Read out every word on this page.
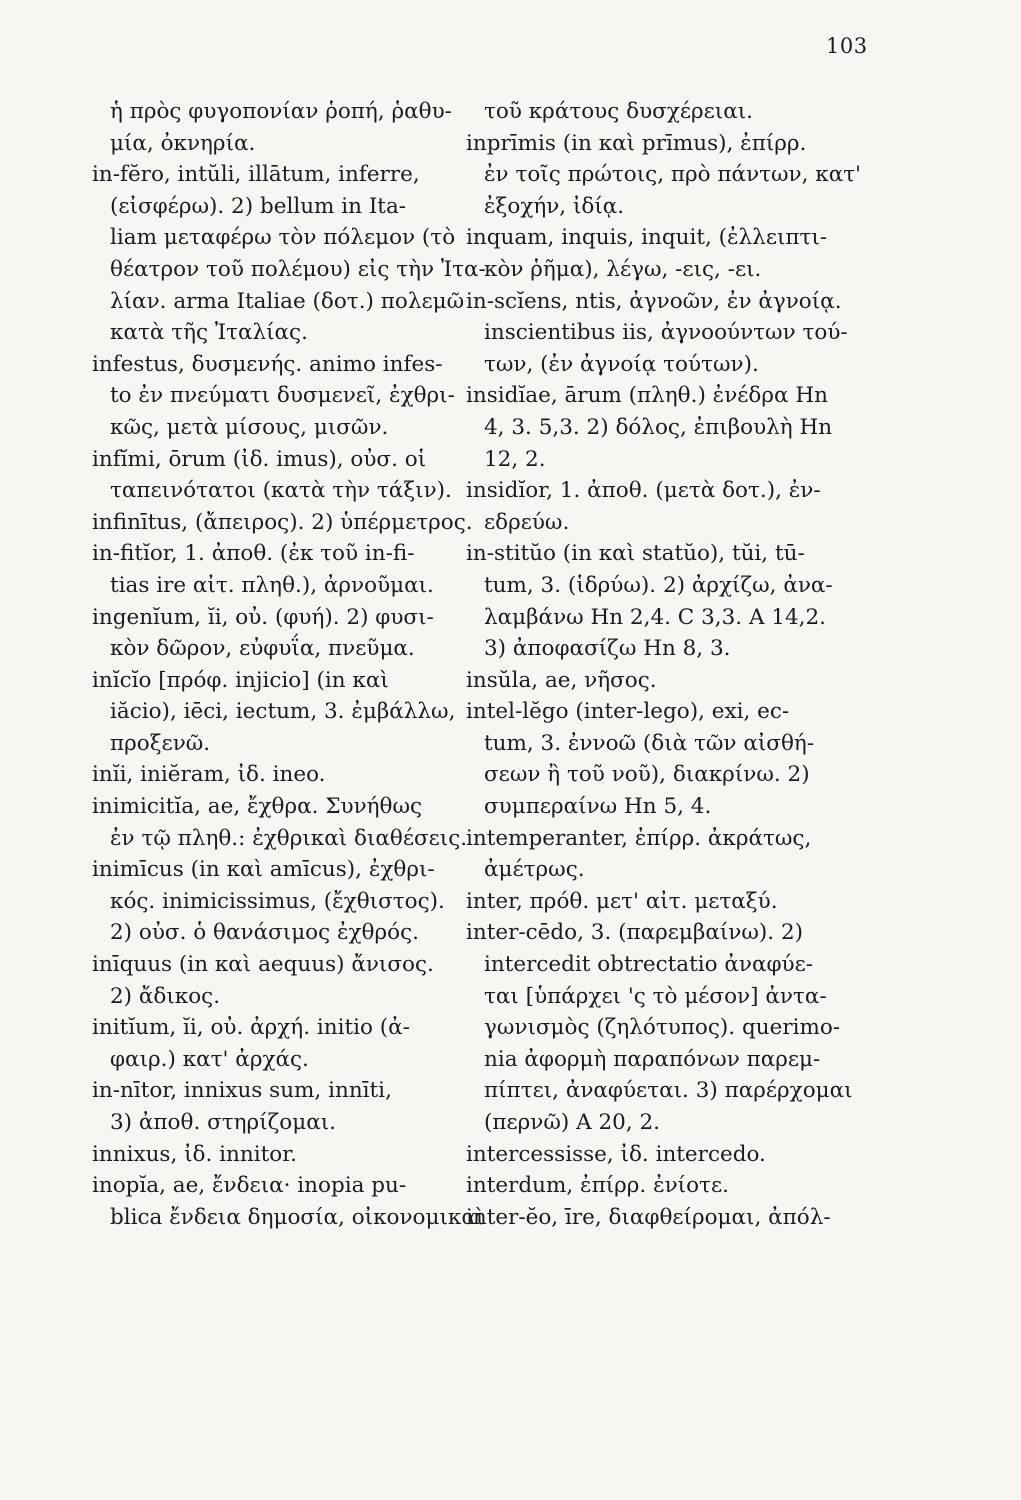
103
ἡ πρὸς φυγοπονίαν ῥοπή, ῥαθυ-
μία, ὀκνηρία.
in-fĕro, intŭli, illātum, inferre,
(εἰσφέρω). 2) bellum in Ita-
liam μεταφέρω τὸν πόλεμον (τὸ
θέατρον τοῦ πολέμου) εἰς τὴν Ἰτα-
λίαν. arma Italiae (δοτ.) πολεμῶ
κατὰ τῆς Ἰταλίας.
infestus, δυσμενής. animo infes-
to ἐν πνεύματι δυσμενεῖ, ἐχθρι-
κῶς, μετὰ μίσους, μισῶν.
infĭmi, ōrum (ἰδ. imus), οὐσ. οἱ
ταπεινότατοι (κατὰ τὴν τάξιν).
infinītus, (ἄπειρος). 2) ὑπέρμετρος.
in-fitĭor, 1. ἀποθ. (ἐκ τοῦ in-fi-
tias ire αἰτ. πληθ.), ἀρνοῦμαι.
ingenĭum, ĭi, οὐ. (φυή). 2) φυσι-
κὸν δῶρον, εὐφυΐα, πνεῦμα.
inĭcĭo [πρόφ. injicio] (in καὶ
iăcio), iēci, iectum, 3. ἐμβάλλω,
προξενῶ.
inĭi, iniĕram, ἰδ. ineo.
inimicitĭa, ae, ἔχθρα. Συνήθως
ἐν τῷ πληθ.: ἐχθρικαὶ διαθέσεις.
inimīcus (in καὶ amīcus), ἐχθρι-
κός. inimicissimus, (ἔχθιστος).
2) οὐσ. ὁ θανάσιμος ἐχθρός.
inīquus (in καὶ aequus) ἄνισος.
2) ἄδικος.
initĭum, ĭi, οὐ. ἀρχή. initio (ἀ-
φαιρ.) κατ' ἀρχάς.
in-nītor, innixus sum, innīti,
3) ἀποθ. στηρίζομαι.
innixus, ἰδ. innitor.
inopĭa, ae, ἔνδεια· inopia pu-
blica ἔνδεια δημοσία, οἰκονομικαὶ
τοῦ κράτους δυσχέρειαι.
inprīmis (in καὶ prīmus), ἐπίρρ.
ἐν τοῖς πρώτοις, πρὸ πάντων, κατ'
ἐξοχήν, ἰδίᾳ.
inquam, inquis, inquit, (ἐλλειπτι-
κὸν ῥῆμα), λέγω, -εις, -ει.
in-scĭens, ntis, ἀγνοῶν, ἐν ἀγνοίᾳ.
inscientibus iis, ἀγνοούντων τού-
των, (ἐν ἀγνοίᾳ τούτων).
insidĭae, ārum (πληθ.) ἐνέδρα Hn
4, 3. 5,3. 2) δόλος, ἐπιβουλὴ Hn
12, 2.
insidĭor, 1. ἀποθ. (μετὰ δοτ.), ἐν-
εδρεύω.
in-stitŭo (in καὶ statŭo), tŭi, tū-
tum, 3. (ἱδρύω). 2) ἀρχίζω, ἀνα-
λαμβάνω Hn 2,4. C 3,3. A 14,2.
3) ἀποφασίζω Hn 8, 3.
insŭla, ae, νῆσος.
intel-lĕgo (inter-lego), exi, ec-
tum, 3. ἐννοῶ (διὰ τῶν αἰσθή-
σεων ἢ τοῦ νοῦ), διακρίνω. 2)
συμπεραίνω Hn 5, 4.
intemperanter, ἐπίρρ. ἀκράτως,
ἀμέτρως.
inter, πρόθ. μετ' αἰτ. μεταξύ.
inter-cēdo, 3. (παρεμβαίνω). 2)
intercedit obtrectatio ἀναφύε-
ται [ὑπάρχει 'ς τὸ μέσον] ἀντα-
γωνισμὸς (ζηλότυπος). querimo-
nia ἀφορμὴ παραπόνων παρεμ-
πίπτει, ἀναφύεται. 3) παρέρχομαι
(περνῶ) A 20, 2.
intercessisse, ἰδ. intercedo.
interdum, ἐπίρρ. ἐνίοτε.
inter-ĕo, īre, διαφθείρομαι, ἀπόλ-
